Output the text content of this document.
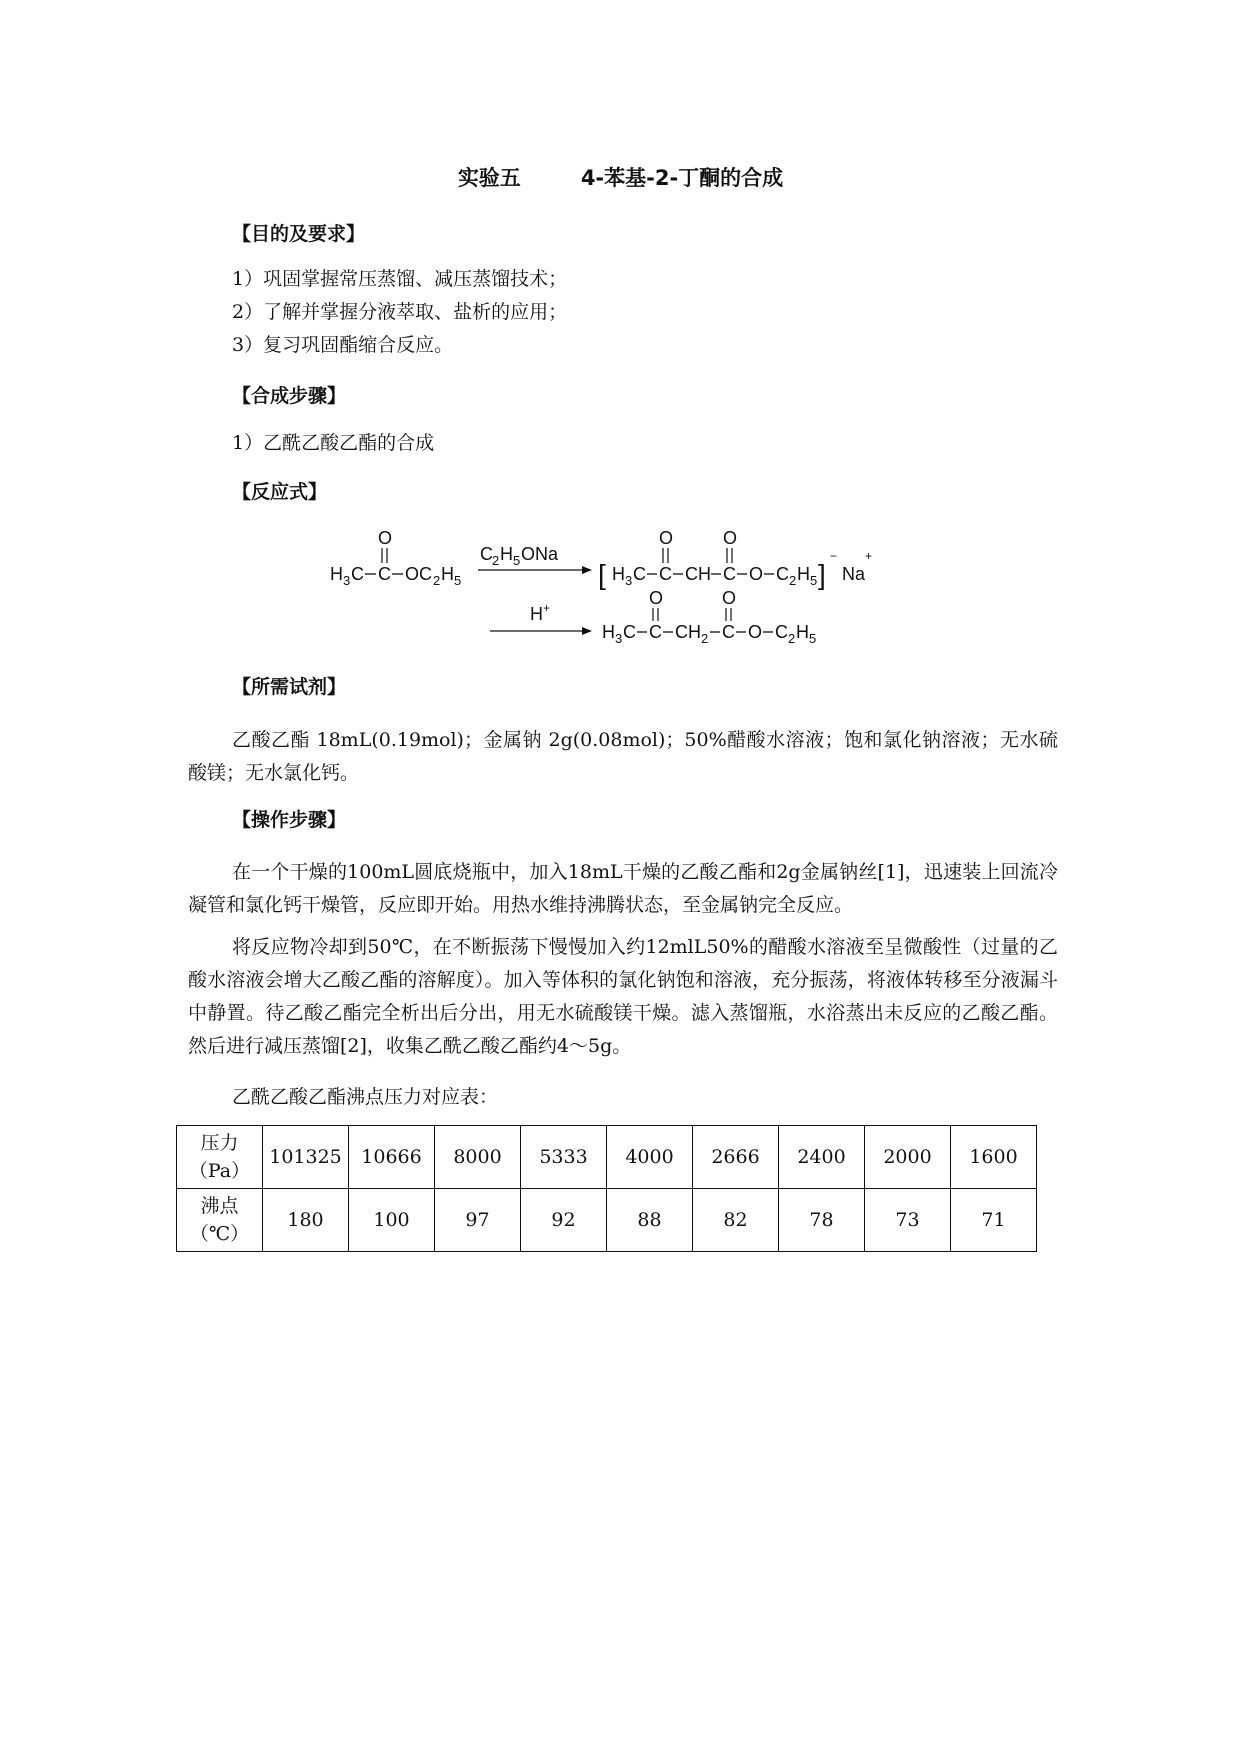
实验五	4-苯基-2-丁酮的合成
【目的及要求】
1）巩固掌握常压蒸馏、减压蒸馏技术；
2）了解并掌握分液萃取、盐析的应用；
3）复习巩固酯缩合反应。
【合成步骤】
1）乙酰乙酸乙酯的合成
【反应式】
H 3 C C
O
OC 2 H 5
C 2 H 5 ONa
[ H 3 C C
O
CH C
O
O C 2 H 5 ]
−
Na
+
H +
H 3 C C
O
CH 2 C
O
O C 2 H 5
【所需试剂】
乙酸乙酯 18mL(0.19mol)；金属钠 2g(0.08mol)；50%醋酸水溶液；饱和氯化钠溶液；无水硫酸镁；无水氯化钙。
【操作步骤】
在一个干燥的100mL圆底烧瓶中，加入18mL干燥的乙酸乙酯和2g金属钠丝[1]，迅速装上回流冷凝管和氯化钙干燥管，反应即开始。用热水维持沸腾状态，至金属钠完全反应。
将反应物冷却到50℃，在不断振荡下慢慢加入约12mlL50%的醋酸水溶液至呈微酸性（过量的乙酸水溶液会增大乙酸乙酯的溶解度）。加入等体积的氯化钠饱和溶液，充分振荡，将液体转移至分液漏斗中静置。待乙酸乙酯完全析出后分出，用无水硫酸镁干燥。滤入蒸馏瓶，水浴蒸出未反应的乙酸乙酯。然后进行减压蒸馏[2]，收集乙酰乙酸乙酯约4～5g。
乙酰乙酸乙酯沸点压力对应表：
压力
（Pa）	101325	10666	8000	5333	4000	2666	2400	2000	1600

沸点
（℃）	180	100	97	92	88	82	78	73	71
